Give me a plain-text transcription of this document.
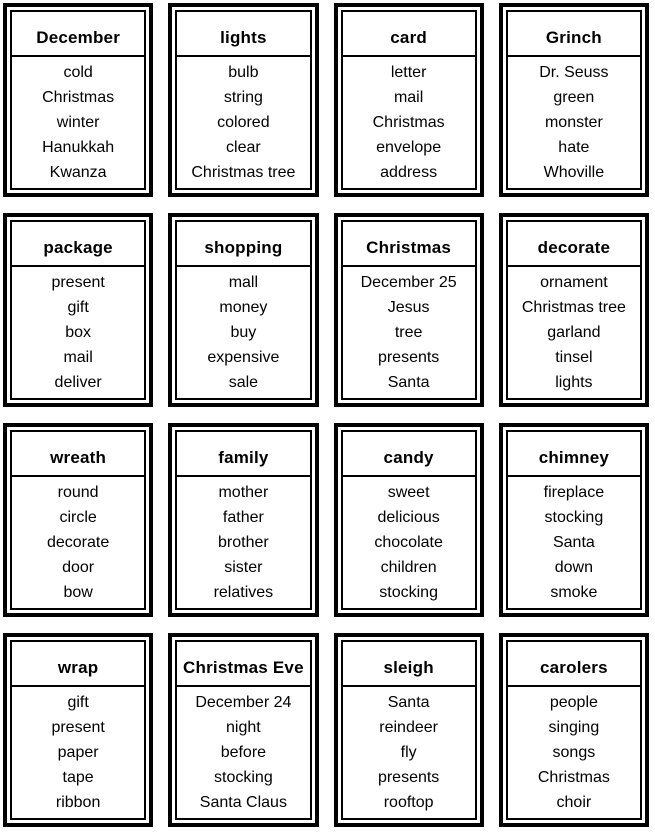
December
cold
Christmas
winter
Hanukkah
Kwanza
lights
bulb
string
colored
clear
Christmas tree
card
letter
mail
Christmas
envelope
address
Grinch
Dr. Seuss
green
monster
hate
Whoville
package
present
gift
box
mail
deliver
shopping
mall
money
buy
expensive
sale
Christmas
December 25
Jesus
tree
presents
Santa
decorate
ornament
Christmas tree
garland
tinsel
lights
wreath
round
circle
decorate
door
bow
family
mother
father
brother
sister
relatives
candy
sweet
delicious
chocolate
children
stocking
chimney
fireplace
stocking
Santa
down
smoke
wrap
gift
present
paper
tape
ribbon
Christmas Eve
December 24
night
before
stocking
Santa Claus
sleigh
Santa
reindeer
fly
presents
rooftop
carolers
people
singing
songs
Christmas
choir
